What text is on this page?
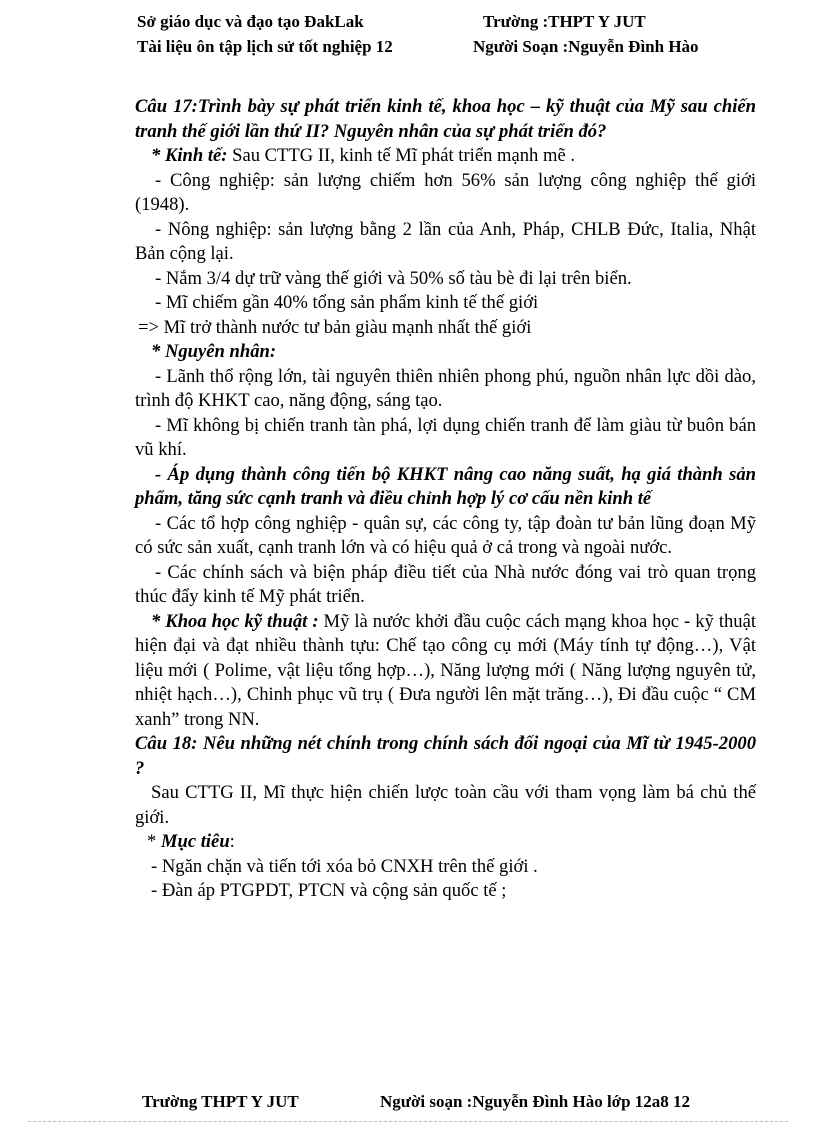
Sở giáo dục và đạo tạo ĐakLak	Trường :THPT Y JUT
Tài liệu ôn tập lịch sử tốt nghiệp 12	Người Soạn :Nguyễn Đình Hào

Câu 17:Trình bày sự phát triển kinh tế, khoa học – kỹ thuật của Mỹ sau chiến tranh thế giới lần thứ II? Nguyên nhân của sự phát triển đó?

* Kinh tế: Sau CTTG II, kinh tế Mĩ phát triển mạnh mẽ .

- Công nghiệp: sản lượng chiếm hơn 56% sản lượng công nghiệp thế giới (1948).

- Nông nghiệp: sản lượng bằng 2 lần của Anh, Pháp, CHLB Đức, Italia, Nhật Bản cộng lại.

- Nắm 3/4 dự trữ vàng thế giới và 50% số tàu bè đi lại trên biển.

- Mĩ chiếm gần 40% tổng sản phẩm kinh tế thế giới

=> Mĩ trở thành nước tư bản giàu mạnh nhất thế giới

* Nguyên nhân:

- Lãnh thổ rộng lớn, tài nguyên thiên nhiên phong phú, nguồn nhân lực dồi dào, trình độ KHKT cao, năng động, sáng tạo.

- Mĩ không bị chiến tranh tàn phá, lợi dụng chiến tranh để làm giàu từ buôn bán vũ khí.

- Áp dụng thành công tiến bộ KHKT nâng cao năng suất, hạ giá thành sản phẩm, tăng sức cạnh tranh và điều chỉnh hợp lý cơ cấu nền kinh tế

- Các tổ hợp công nghiệp - quân sự, các công ty, tập đoàn tư bản lũng đoạn Mỹ có sức sản xuất, cạnh tranh lớn và có hiệu quả ở cả trong và ngoài nước.

- Các chính sách và biện pháp điều tiết của Nhà nước đóng vai trò quan trọng thúc đẩy kinh tế Mỹ phát triển.

* Khoa học kỹ thuật : Mỹ là nước khởi đầu cuộc cách mạng khoa học - kỹ thuật hiện đại và đạt nhiều thành tựu: Chế tạo công cụ mới (Máy tính tự động…), Vật liệu mới ( Polime, vật liệu tổng hợp…), Năng lượng mới ( Năng lượng nguyên tử, nhiệt hạch…), Chinh phục vũ trụ ( Đưa người lên mặt trăng…), Đi đầu cuộc “ CM xanh” trong NN.

Câu 18: Nêu những nét chính trong chính sách đối ngoại của Mĩ từ 1945-2000 ?

Sau CTTG II, Mĩ thực hiện chiến lược toàn cầu với tham vọng làm bá chủ thế giới.

* Mục tiêu:

- Ngăn chặn và tiến tới xóa bỏ CNXH trên thế giới .

- Đàn áp PTGPDT, PTCN và cộng sản quốc tế ;

Trường THPT Y JUT	Người soạn :Nguyễn Đình Hào lớp 12a8 12
